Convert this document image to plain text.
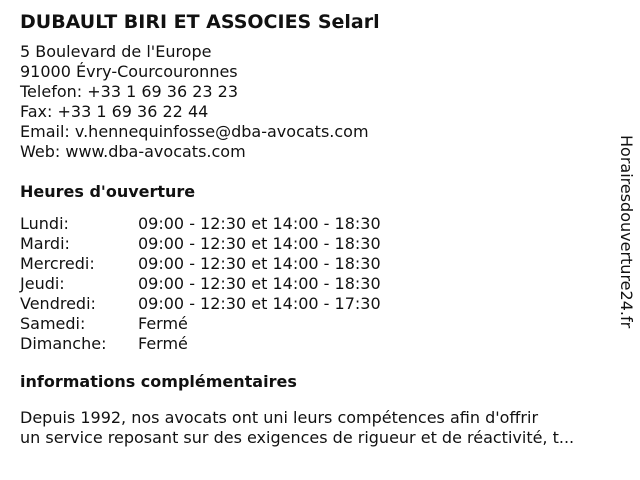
DUBAULT BIRI ET ASSOCIES Selarl

5 Boulevard de l'Europe

91000 Évry-Courcouronnes

Telefon: +33 1 69 36 23 23

Fax: +33 1 69 36 22 44

Email: v.hennequinfosse@dba-avocats.com

Web: www.dba-avocats.com

Heures d'ouverture
Lundi:	09:00 - 12:30 et 14:00 - 18:30
Mardi:	09:00 - 12:30 et 14:00 - 18:30
Mercredi:	09:00 - 12:30 et 14:00 - 18:30
Jeudi:	09:00 - 12:30 et 14:00 - 18:30
Vendredi:	09:00 - 12:30 et 14:00 - 17:30
Samedi:	Fermé
Dimanche:	Fermé
informations complémentaires
Depuis 1992, nos avocats ont uni leurs compétences afin d'offrir
un service reposant sur des exigences de rigueur et de réactivité, t...
Horairesdouverture24.fr
